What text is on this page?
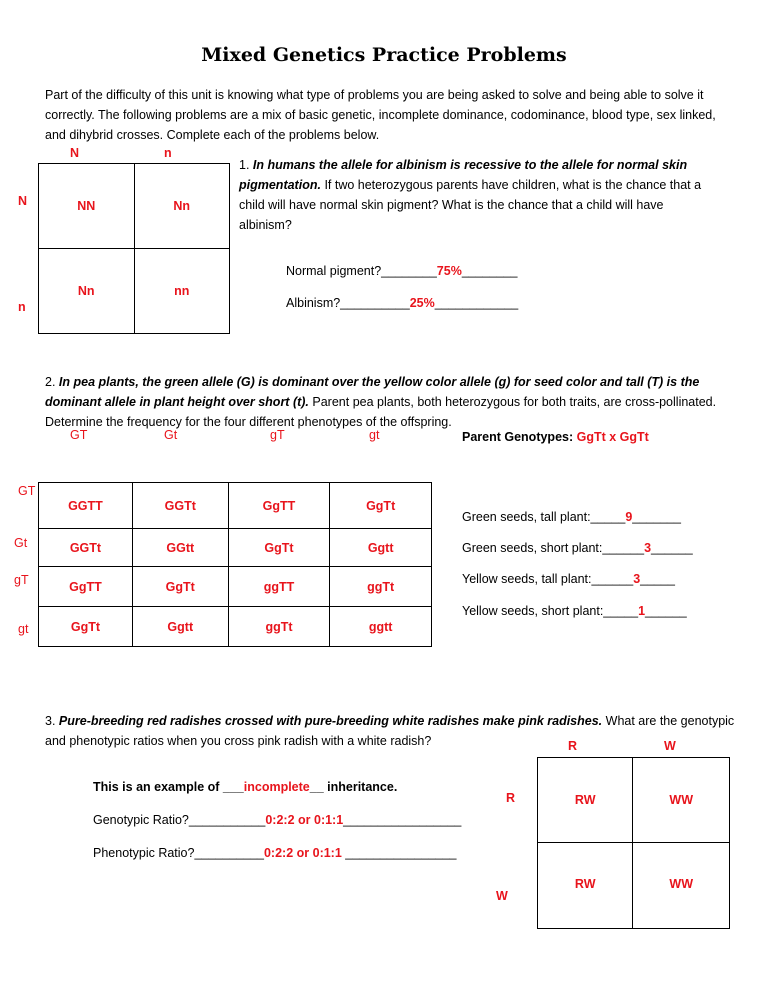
Mixed Genetics Practice Problems
Part of the difficulty of this unit is knowing what type of problems you are being asked to solve and being able to solve it correctly. The following problems are a mix of basic genetic, incomplete dominance, codominance, blood type, sex linked, and dihybrid crosses. Complete each of the problems below.
N	n
N
n
NN	Nn
Nn	nn
1. In humans the allele for albinism is recessive to the allele for normal skin pigmentation. If two heterozygous parents have children, what is the chance that a child will have normal skin pigment? What is the chance that a child will have albinism?
Normal pigment?________75%________
Albinism?__________25%____________
2. In pea plants, the green allele (G) is dominant over the yellow color allele (g) for seed color and tall (T) is the dominant allele in plant height over short (t). Parent pea plants, both heterozygous for both traits, are cross-pollinated. Determine the frequency for the four different phenotypes of the offspring.
GT	Gt	gT	gt
GT
Gt
gT
gt
GGTT	GGTt	GgTT	GgTt
GGTt	GGtt	GgTt	Ggtt
GgTT	GgTt	ggTT	ggTt
GgTt	Ggtt	ggTt	ggtt
Parent Genotypes: GgTt x GgTt
Green seeds, tall plant:_____9_______
Green seeds, short plant:______3______
Yellow seeds, tall plant:______3_____
Yellow seeds, short plant:_____1______
3. Pure-breeding red radishes crossed with pure-breeding white radishes make pink radishes. What are the genotypic and phenotypic ratios when you cross pink radish with a white radish?
This is an example of ___incomplete__ inheritance.
Genotypic Ratio?___________0:2:2 or 0:1:1_________________
Phenotypic Ratio?__________0:2:2 or 0:1:1 ________________
R	W
R
W
RW	WW
RW	WW
